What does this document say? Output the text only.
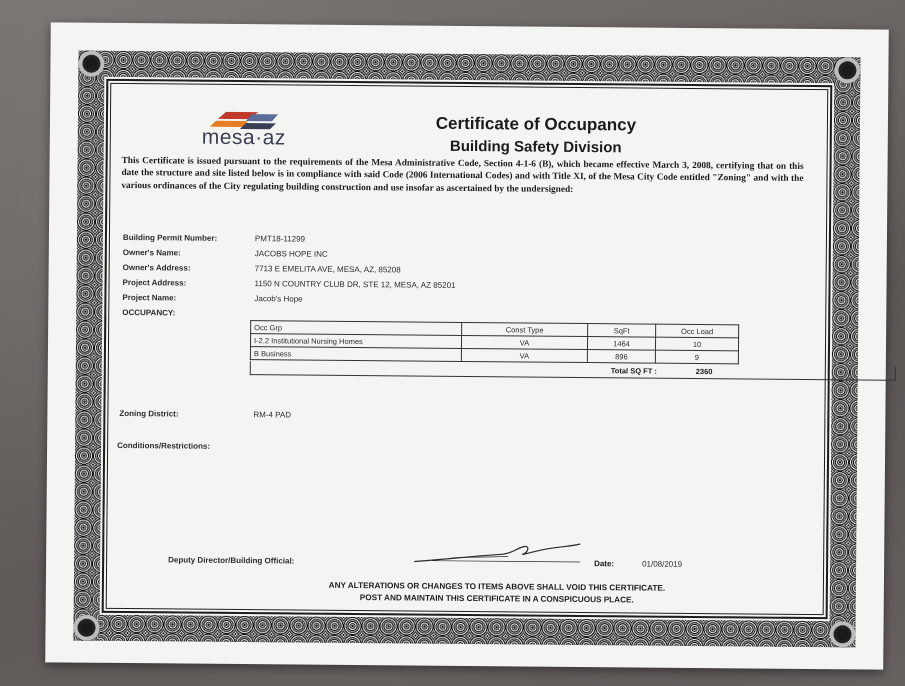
mesa·az
Certificate of Occupancy
Building Safety Division
This Certificate is issued pursuant to the requirements of the Mesa Administrative Code, Section 4-1-6 (B), which became effective March 3, 2008, certifying that on this date the structure and site listed below is in compliance with said Code (2006 International Codes) and with Title XI, of the Mesa City Code entitled "Zoning" and with the various ordinances of the City regulating building construction and use insofar as ascertained by the undersigned:
Building Permit Number:	PMT18-11299
Owner's Name:	JACOBS HOPE INC
Owner's Address:	7713 E EMELITA AVE, MESA, AZ, 85208
Project Address:	1150 N COUNTRY CLUB DR, STE 12, MESA, AZ 85201
Project Name:	Jacob's Hope
OCCUPANCY:
Occ Grp	Const Type	SqFt	Occ Load
I-2.2 Institutional Nursing Homes	VA	1464	10
B Business	VA	896	9
Total SQ FT :	2360
Zoning District:	RM-4 PAD
Conditions/Restrictions:
Deputy Director/Building Official:	Date:	01/08/2019
ANY ALTERATIONS OR CHANGES TO ITEMS ABOVE SHALL VOID THIS CERTIFICATE.
POST AND MAINTAIN THIS CERTIFICATE IN A CONSPICUOUS PLACE.
